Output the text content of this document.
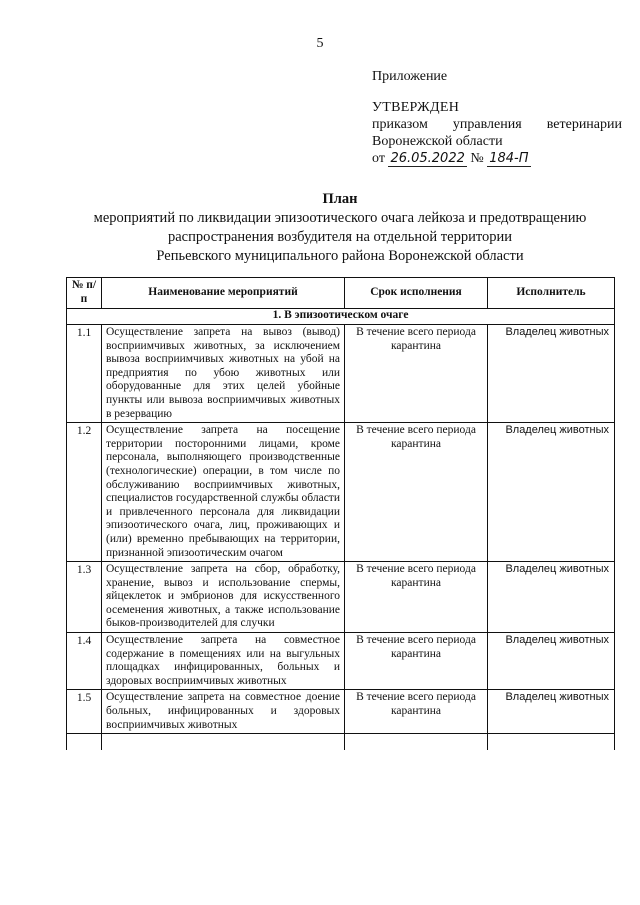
5
Приложение
УТВЕРЖДЕН
приказом управления ветеринарии
Воронежской области
от 26.05.2022 № 184-П
План
мероприятий по ликвидации эпизоотического очага лейкоза и предотвращению
распространения возбудителя на отдельной территории
Репьевского муниципального района Воронежской области
№ п/п	Наименование мероприятий	Срок исполнения	Исполнитель
1. В эпизоотическом очаге			
1.1	Осуществление запрета на вывоз (вывод) восприимчивых животных, за исключением вывоза восприимчивых животных на убой на предприятия по убою животных или оборудованные для этих целей убойные пункты или вывоза восприимчивых животных в резервацию	В течение всего периода карантина	Владелец животных
1.2	Осуществление запрета на посещение территории посторонними лицами, кроме персонала, выполняющего производственные (технологические) операции, в том числе по обслуживанию восприимчивых животных, специалистов государственной службы области и привлеченного персонала для ликвидации эпизоотического очага, лиц, проживающих и (или) временно пребывающих на территории, признанной эпизоотическим очагом	В течение всего периода карантина	Владелец животных
1.3	Осуществление запрета на сбор, обработку, хранение, вывоз и использование спермы, яйцеклеток и эмбрионов для искусственного осеменения животных, а также использование быков-производителей для случки	В течение всего периода карантина	Владелец животных
1.4	Осуществление запрета на совместное содержание в помещениях или на выгульных площадках инфицированных, больных и здоровых восприимчивых животных	В течение всего периода карантина	Владелец животных
1.5	Осуществление запрета на совместное доение больных, инфицированных и здоровых восприимчивых животных	В течение всего периода карантина	Владелец животных
